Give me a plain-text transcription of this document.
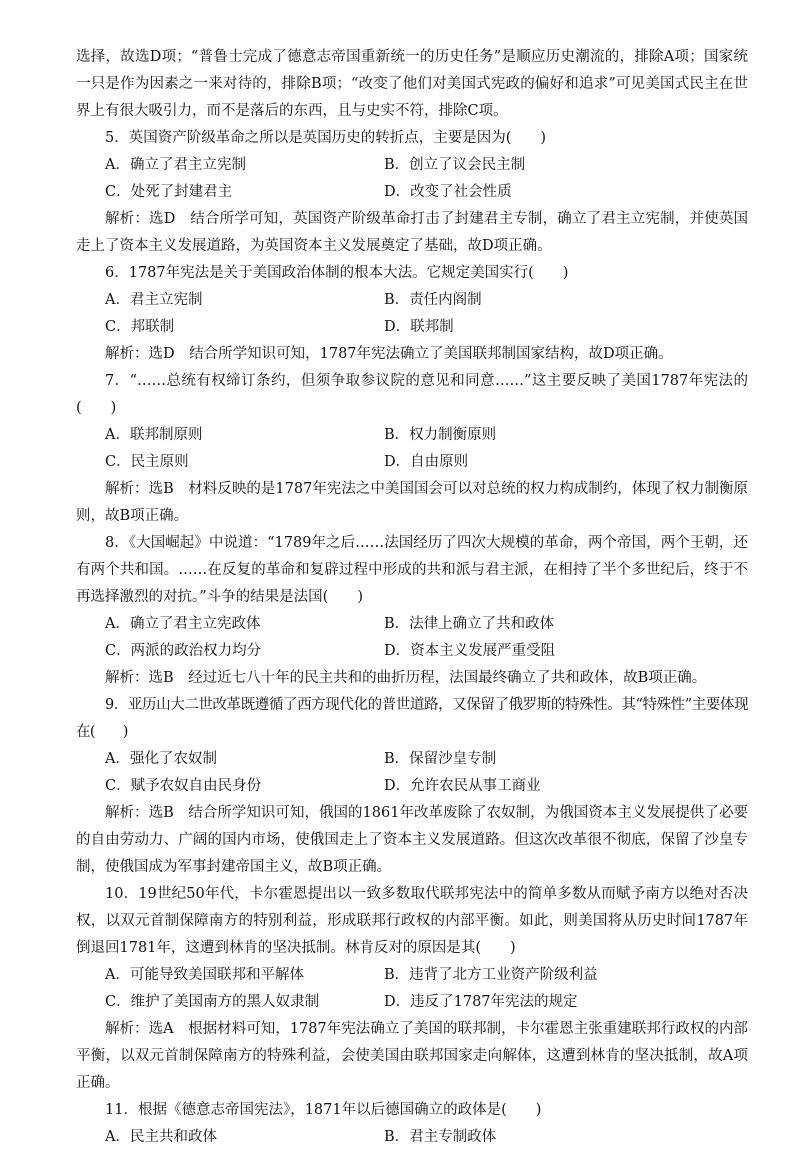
选择，故选D项；“普鲁士完成了德意志帝国重新统一的历史任务”是顺应历史潮流的，排除A项；国家统一只是作为因素之一来对待的，排除B项；“改变了他们对美国式宪政的偏好和追求”可见美国式民主在世界上有很大吸引力，而不是落后的东西，且与史实不符，排除C项。

5．英国资产阶级革命之所以是英国历史的转折点，主要是因为(　　)

A．确立了君主立宪制	B．创立了议会民主制
C．处死了封建君主	D．改变了社会性质

解析：选D　结合所学可知，英国资产阶级革命打击了封建君主专制，确立了君主立宪制，并使英国走上了资本主义发展道路，为英国资本主义发展奠定了基础，故D项正确。

6．1787年宪法是关于美国政治体制的根本大法。它规定美国实行(　　)

A．君主立宪制	B．责任内阁制
C．邦联制	D．联邦制

解析：选D　结合所学知识可知，1787年宪法确立了美国联邦制国家结构，故D项正确。

7．“……总统有权缔订条约，但须争取参议院的意见和同意……”这主要反映了美国1787年宪法的(　　)

A．联邦制原则	B．权力制衡原则
C．民主原则	D．自由原则

解析：选B　材料反映的是1787年宪法之中美国国会可以对总统的权力构成制约，体现了权力制衡原则，故B项正确。

8．《大国崛起》中说道：“1789年之后……法国经历了四次大规模的革命，两个帝国，两个王朝，还有两个共和国。……在反复的革命和复辟过程中形成的共和派与君主派，在相持了半个多世纪后，终于不再选择激烈的对抗。”斗争的结果是法国(　　)

A．确立了君主立宪政体	B．法律上确立了共和政体
C．两派的政治权力均分	D．资本主义发展严重受阻

解析：选B　经过近七八十年的民主共和的曲折历程，法国最终确立了共和政体，故B项正确。

9．亚历山大二世改革既遵循了西方现代化的普世道路，又保留了俄罗斯的特殊性。其“特殊性”主要体现在(　　)

A．强化了农奴制	B．保留沙皇专制
C．赋予农奴自由民身份	D．允许农民从事工商业

解析：选B　结合所学知识可知，俄国的1861年改革废除了农奴制，为俄国资本主义发展提供了必要的自由劳动力、广阔的国内市场，使俄国走上了资本主义发展道路。但这次改革很不彻底，保留了沙皇专制，使俄国成为军事封建帝国主义，故B项正确。

10．19世纪50年代，卡尔霍恩提出以一致多数取代联邦宪法中的简单多数从而赋予南方以绝对否决权，以双元首制保障南方的特别利益，形成联邦行政权的内部平衡。如此，则美国将从历史时间1787年倒退回1781年，这遭到林肯的坚决抵制。林肯反对的原因是其(　　)

A．可能导致美国联邦和平解体	B．违背了北方工业资产阶级利益
C．维护了美国南方的黑人奴隶制	D．违反了1787年宪法的规定

解析：选A　根据材料可知，1787年宪法确立了美国的联邦制，卡尔霍恩主张重建联邦行政权的内部平衡，以双元首制保障南方的特殊利益，会使美国由联邦国家走向解体，这遭到林肯的坚决抵制，故A项正确。

11．根据《德意志帝国宪法》，1871年以后德国确立的政体是(　　)

A．民主共和政体	B．君主专制政体
